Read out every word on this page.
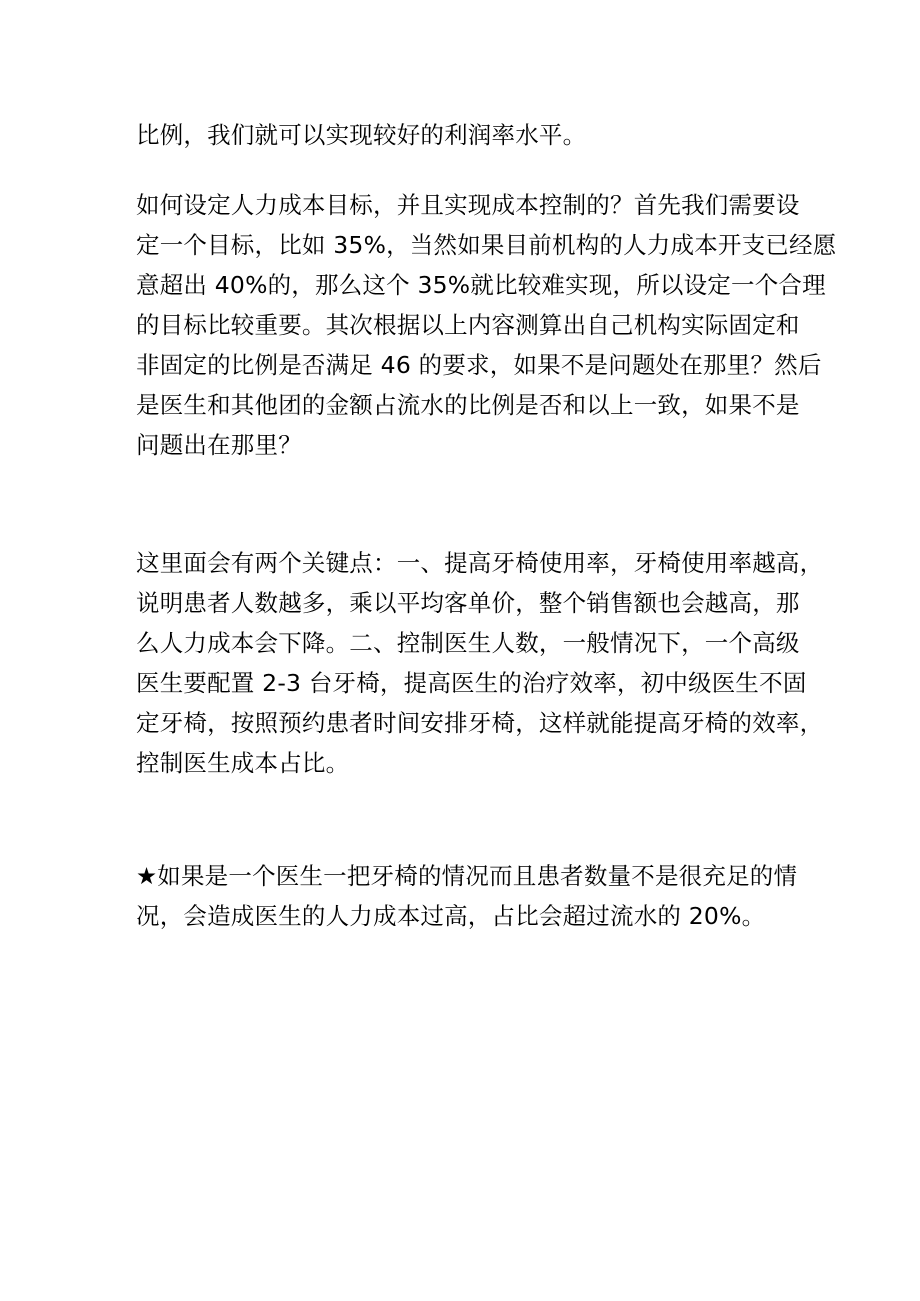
比例，我们就可以实现较好的利润率水平。
如何设定人力成本目标，并且实现成本控制的？首先我们需要设
定一个目标，比如 35%，当然如果目前机构的人力成本开支已经愿
意超出 40%的，那么这个 35%就比较难实现，所以设定一个合理
的目标比较重要。其次根据以上内容测算出自己机构实际固定和
非固定的比例是否满足 46 的要求，如果不是问题处在那里？然后
是医生和其他团的金额占流水的比例是否和以上一致，如果不是
问题出在那里？
这里面会有两个关键点：一、提高牙椅使用率，牙椅使用率越高，
说明患者人数越多，乘以平均客单价，整个销售额也会越高，那
么人力成本会下降。二、控制医生人数，一般情况下，一个高级
医生要配置 2-3 台牙椅，提高医生的治疗效率，初中级医生不固
定牙椅，按照预约患者时间安排牙椅，这样就能提高牙椅的效率，
控制医生成本占比。
★如果是一个医生一把牙椅的情况而且患者数量不是很充足的情
况，会造成医生的人力成本过高，占比会超过流水的 20%。
